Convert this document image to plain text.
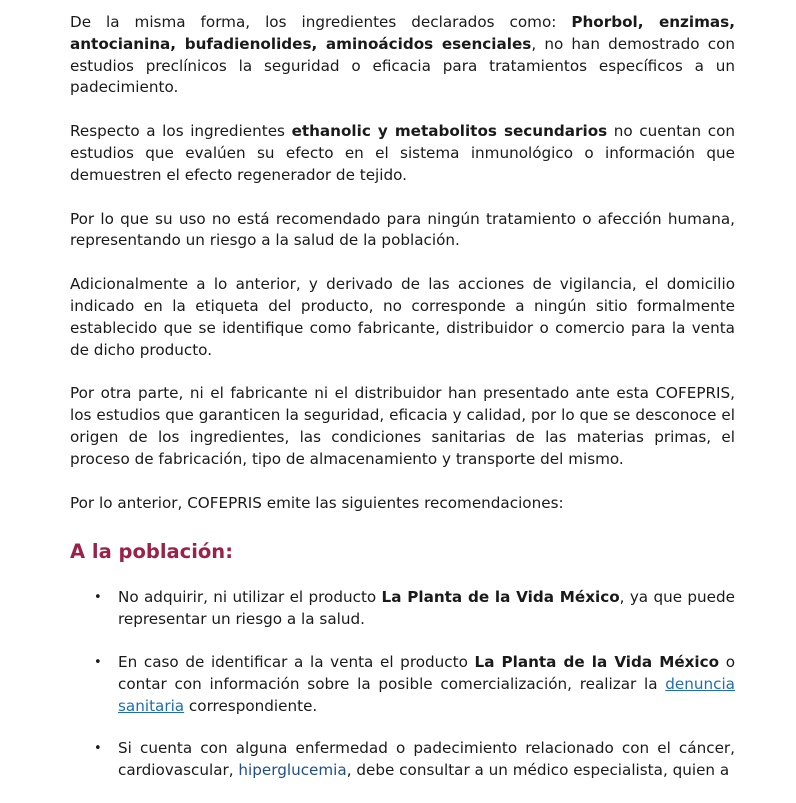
De la misma forma, los ingredientes declarados como: Phorbol, enzimas, antocianina, bufadienolides, aminoácidos esenciales, no han demostrado con estudios preclínicos la seguridad o eficacia para tratamientos específicos a un padecimiento.

Respecto a los ingredientes ethanolic y metabolitos secundarios no cuentan con estudios que evalúen su efecto en el sistema inmunológico o información que demuestren el efecto regenerador de tejido.

Por lo que su uso no está recomendado para ningún tratamiento o afección humana, representando un riesgo a la salud de la población.

Adicionalmente a lo anterior, y derivado de las acciones de vigilancia, el domicilio indicado en la etiqueta del producto, no corresponde a ningún sitio formalmente establecido que se identifique como fabricante, distribuidor o comercio para la venta de dicho producto.

Por otra parte, ni el fabricante ni el distribuidor han presentado ante esta COFEPRIS, los estudios que garanticen la seguridad, eficacia y calidad, por lo que se desconoce el origen de los ingredientes, las condiciones sanitarias de las materias primas, el proceso de fabricación, tipo de almacenamiento y transporte del mismo.

Por lo anterior, COFEPRIS emite las siguientes recomendaciones:

A la población:
• No adquirir, ni utilizar el producto La Planta de la Vida México, ya que puede representar un riesgo a la salud.
• En caso de identificar a la venta el producto La Planta de la Vida México o contar con información sobre la posible comercialización, realizar la denuncia sanitaria correspondiente.
• Si cuenta con alguna enfermedad o padecimiento relacionado con el cáncer, cardiovascular, hiperglucemia, debe consultar a un médico especialista, quien a
